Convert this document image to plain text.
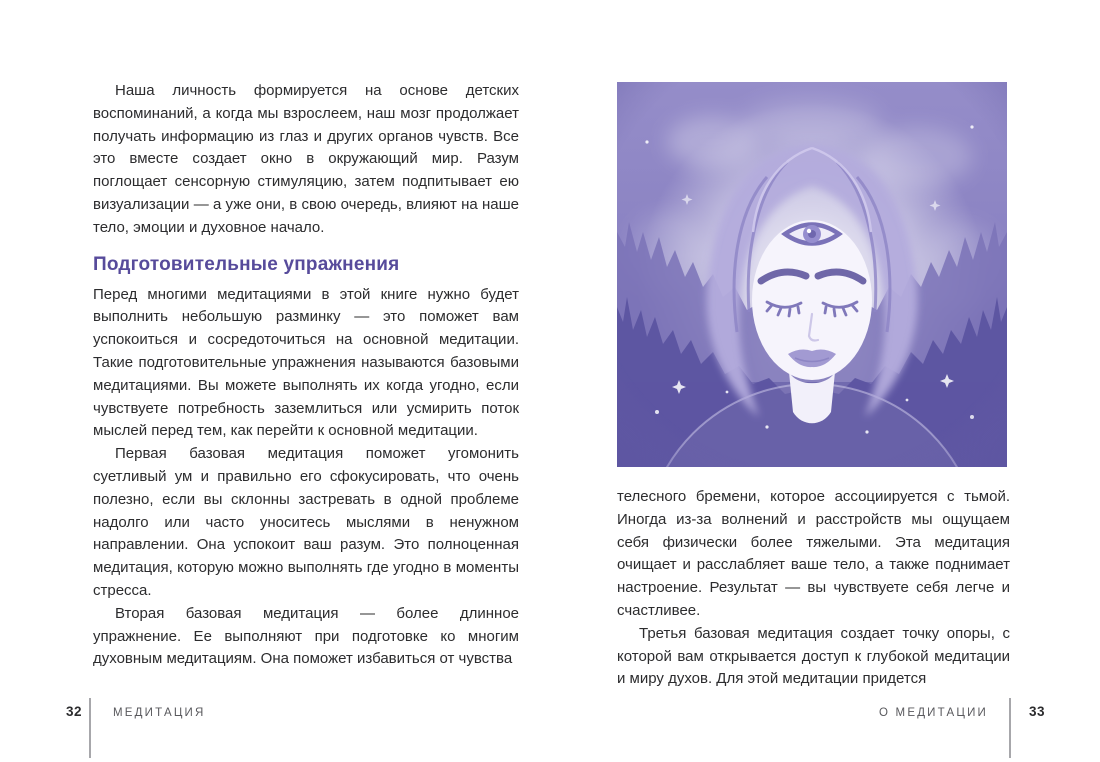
Наша личность формируется на основе детских воспоминаний, а когда мы взрослеем, наш мозг продолжает получать информацию из глаз и других органов чувств. Все это вместе создает окно в окружающий мир. Разум поглощает сенсорную стимуляцию, затем подпитывает ею визуализации — а уже они, в свою очередь, влияют на наше тело, эмоции и духовное начало.

Подготовительные упражнения

Перед многими медитациями в этой книге нужно будет выполнить небольшую разминку — это поможет вам успокоиться и сосредоточиться на основной медитации. Такие подготовительные упражнения называются базовыми медитациями. Вы можете выполнять их когда угодно, если чувствуете потребность заземлиться или усмирить поток мыслей перед тем, как перейти к основной медитации.

Первая базовая медитация поможет угомонить суетливый ум и правильно его сфокусировать, что очень полезно, если вы склонны застревать в одной проблеме надолго или часто уноситесь мыслями в ненужном направлении. Она успокоит ваш разум. Это полноценная медитация, которую можно выполнять где угодно в моменты стресса.

Вторая базовая медитация — более длинное упражнение. Ее выполняют при подготовке ко многим духовным медитациям. Она поможет избавиться от чувства

телесного бремени, которое ассоциируется с тьмой. Иногда из-за волнений и расстройств мы ощущаем себя физически более тяжелыми. Эта медитация очищает и расслабляет ваше тело, а также поднимает настроение. Результат — вы чувствуете себя легче и счастливее.

Третья базовая медитация создает точку опоры, с которой вам открывается доступ к глубокой медитации и миру духов. Для этой медитации придется

32	МЕДИТАЦИЯ	О МЕДИТАЦИИ	33
